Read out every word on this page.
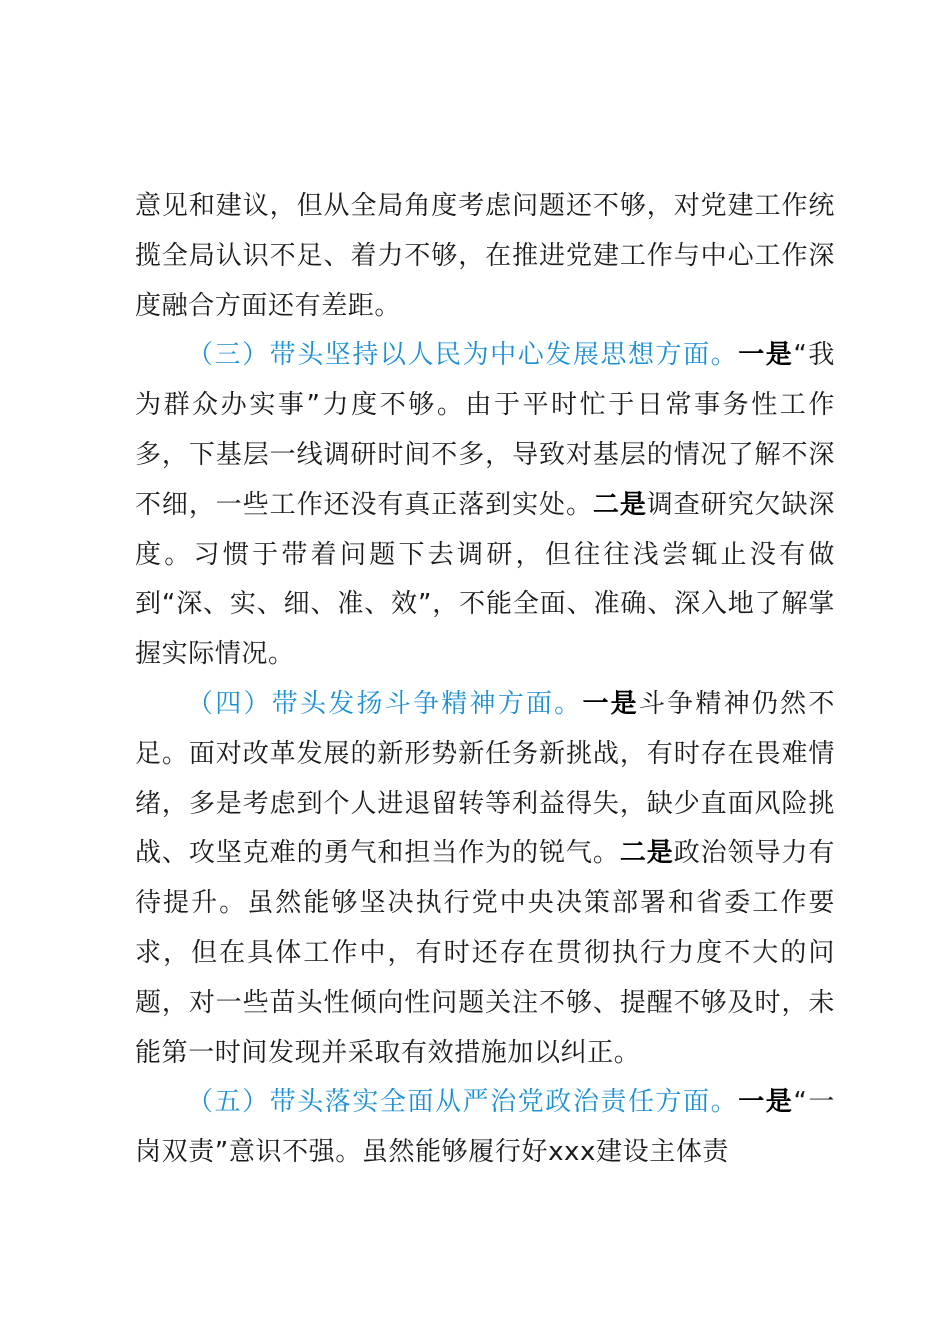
意见和建议，但从全局角度考虑问题还不够，对党建工作统揽全局认识不足、着力不够，在推进党建工作与中心工作深度融合方面还有差距。

（三）带头坚持以人民为中心发展思想方面。一是“我为群众办实事”力度不够。由于平时忙于日常事务性工作多，下基层一线调研时间不多，导致对基层的情况了解不深不细，一些工作还没有真正落到实处。二是调查研究欠缺深度。习惯于带着问题下去调研，但往往浅尝辄止没有做到“深、实、细、准、效”，不能全面、准确、深入地了解掌握实际情况。

（四）带头发扬斗争精神方面。一是斗争精神仍然不足。面对改革发展的新形势新任务新挑战，有时存在畏难情绪，多是考虑到个人进退留转等利益得失，缺少直面风险挑战、攻坚克难的勇气和担当作为的锐气。二是政治领导力有待提升。虽然能够坚决执行党中央决策部署和省委工作要求，但在具体工作中，有时还存在贯彻执行力度不大的问题，对一些苗头性倾向性问题关注不够、提醒不够及时，未能第一时间发现并采取有效措施加以纠正。

（五）带头落实全面从严治党政治责任方面。一是“一岗双责”意识不强。虽然能够履行好xxx建设主体责
